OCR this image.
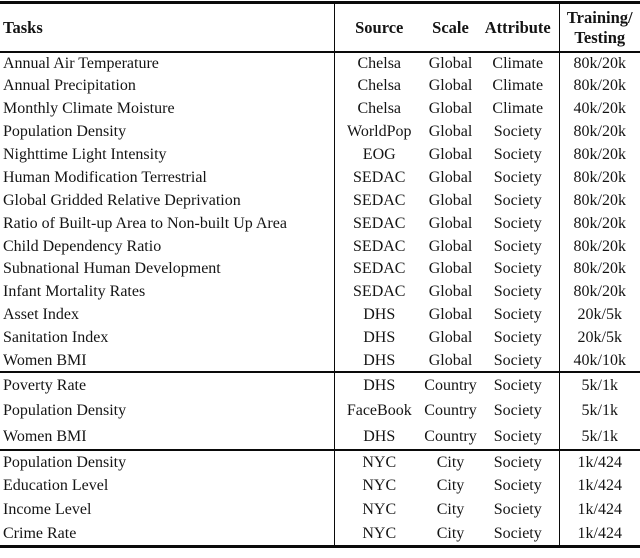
Tasks	Source	Scale	Attribute	Training/
Testing

Annual Air Temperature	Chelsa	Global	Climate	80k/20k
Annual Precipitation	Chelsa	Global	Climate	80k/20k
Monthly Climate Moisture	Chelsa	Global	Climate	40k/20k
Population Density	WorldPop	Global	Society	80k/20k
Nighttime Light Intensity	EOG	Global	Society	80k/20k
Human Modification Terrestrial	SEDAC	Global	Society	80k/20k
Global Gridded Relative Deprivation	SEDAC	Global	Society	80k/20k
Ratio of Built-up Area to Non-built Up Area	SEDAC	Global	Society	80k/20k
Child Dependency Ratio	SEDAC	Global	Society	80k/20k
Subnational Human Development	SEDAC	Global	Society	80k/20k
Infant Mortality Rates	SEDAC	Global	Society	80k/20k
Asset Index	DHS	Global	Society	20k/5k
Sanitation Index	DHS	Global	Society	20k/5k
Women BMI	DHS	Global	Society	40k/10k
Poverty Rate	DHS	Country	Society	5k/1k
Population Density	FaceBook	Country	Society	5k/1k
Women BMI	DHS	Country	Society	5k/1k
Population Density	NYC	City	Society	1k/424
Education Level	NYC	City	Society	1k/424
Income Level	NYC	City	Society	1k/424
Crime Rate	NYC	City	Society	1k/424
